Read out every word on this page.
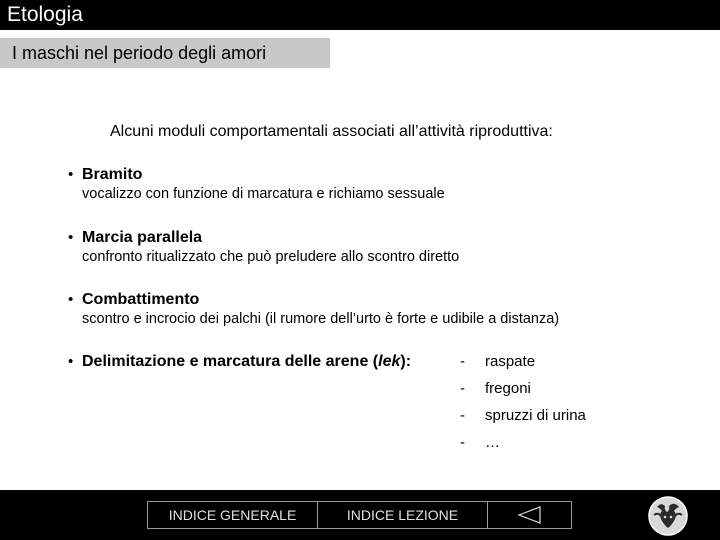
Etologia
I maschi nel periodo degli amori
Alcuni moduli comportamentali associati all’attività riproduttiva:
• Bramito
vocalizzo con funzione di marcatura e richiamo sessuale
• Marcia parallela
confronto ritualizzato che può preludere allo scontro diretto
• Combattimento
scontro e incrocio dei palchi (il rumore dell’urto è forte e udibile a distanza)
• Delimitazione e marcatura delle arene (lek):	- raspate
- fregoni
- spruzzi di urina
- …
INDICE GENERALE	INDICE LEZIONE
